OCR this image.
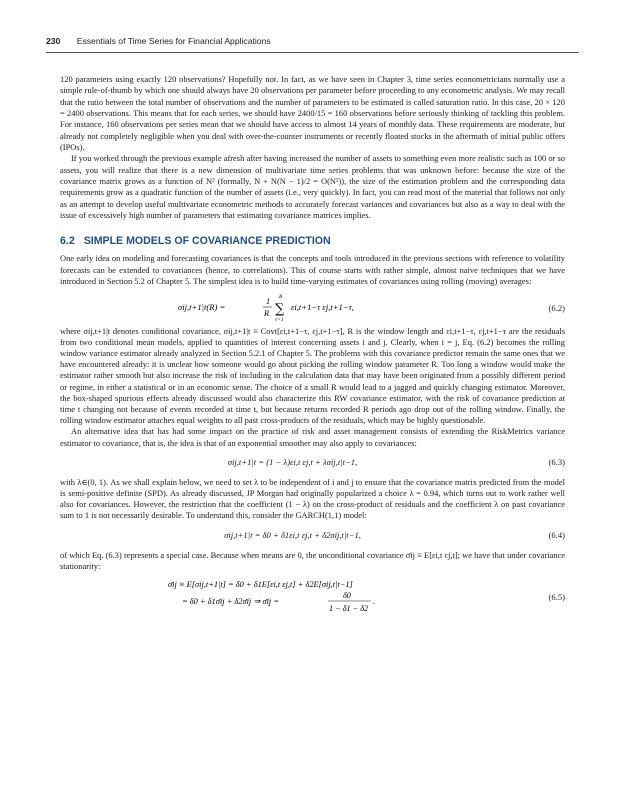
230 Essentials of Time Series for Financial Applications

120 parameters using exactly 120 observations? Hopefully not. In fact, as we have seen in Chapter 3, time series econometricians normally use a simple rule-of-thumb by which one should always have 20 observations per parameter before proceeding to any econometric analysis. We may recall that the ratio between the total number of observations and the number of parameters to be estimated is called saturation ratio. In this case, 20 × 120 = 2400 observations. This means that for each series, we should have 2400/15 = 160 observations before seriously thinking of tackling this problem. For instance, 160 observations per series mean that we should have access to almost 14 years of monthly data. These requirements are moderate, but already not completely negligible when you deal with over-the-counter instruments or recently floated stocks in the aftermath of initial public offers (IPOs).

If you worked through the previous example afresh after having increased the number of assets to something even more realistic such as 100 or so assets, you will realize that there is a new dimension of multivariate time series problems that was unknown before: because the size of the covariance matrix grows as a function of N² (formally, N + N(N − 1)/2 = O(N²)), the size of the estimation problem and the corresponding data requirements grow as a quadratic function of the number of assets (i.e., very quickly). In fact, you can read most of the material that follows not only as an attempt to develop useful multivariate econometric methods to accurately forecast variances and covariances but also as a way to deal with the issue of excessively high number of parameters that estimating covariance matrices implies.

6.2 SIMPLE MODELS OF COVARIANCE PREDICTION

One early idea on modeling and forecasting covariances is that the concepts and tools introduced in the previous sections with reference to volatility forecasts can be extended to covariances (hence, to correlations). This of course starts with rather simple, almost naive techniques that we have introduced in Section 5.2 of Chapter 5. The simplest idea is to build time-varying estimates of covariances using rolling (moving) averages:

σij,t+1|t(R) =
1
R
R
∑
τ=1
εi,t+1−τ εj,t+1−τ,	(6.2)

where σij,t+1|t denotes conditional covariance, σij,t+1|t ≡ Covt[εi,t+1−τ, εj,t+1−τ], R is the window length and εi,t+1−τ, εj,t+1−τ are the residuals from two conditional mean models, applied to quantities of interest concerning assets i and j. Clearly, when i = j, Eq. (6.2) becomes the rolling window variance estimator already analyzed in Section 5.2.1 of Chapter 5. The problems with this covariance predictor remain the same ones that we have encountered already: it is unclear how someone would go about picking the rolling window parameter R. Too long a window would make the estimator rather smooth but also increase the risk of including in the calculation data that may have been originated from a possibly different period or regime, in either a statistical or in an economic sense. The choice of a small R would lead to a jagged and quickly changing estimator. Moreover, the box-shaped spurious effects already discussed would also characterize this RW covariance estimator, with the risk of covariance prediction at time t changing not because of events recorded at time t, but because returns recorded R periods ago drop out of the rolling window. Finally, the rolling window estimator attaches equal weights to all past cross-products of the residuals, which may be highly questionable.

An alternative idea that has had some impact on the practice of risk and asset management consists of extending the RiskMetrics variance estimator to covariance, that is, the idea is that of an exponential smoother may also apply to covariances:

σij,t+1|t = (1 − λ)εi,t εj,t + λσij,t|t−1,	(6.3)

with λ∈(0, 1). As we shall explain below, we need to set λ to be independent of i and j to ensure that the covariance matrix predicted from the model is semi-positive definite (SPD). As already discussed, JP Morgan had originally popularized a choice λ = 0.94, which turns out to work rather well also for covariances. However, the restriction that the coefficient (1 − λ) on the cross-product of residuals and the coefficient λ on past covariance sum to 1 is not necessarily desirable. To understand this, consider the GARCH(1,1) model:

σij,t+1|t = δ0 + δ1εi,t εj,t + δ2σij,t|t−1,	(6.4)

of which Eq. (6.3) represents a special case. Because when means are 0, the unconditional covariance σ̄ij ≡ E[εi,t εj,t]; we have that under covariance stationarity:

σ̄ij ≡ E[σij,t+1|t] = δ0 + δ1E[εi,t εj,t] + δ2E[σij,t|t−1]
= δ0 + δ1σ̄ij + δ2σ̄ij ⇒ σ̄ij =
δ0
1 − δ1 − δ2
.	(6.5)
